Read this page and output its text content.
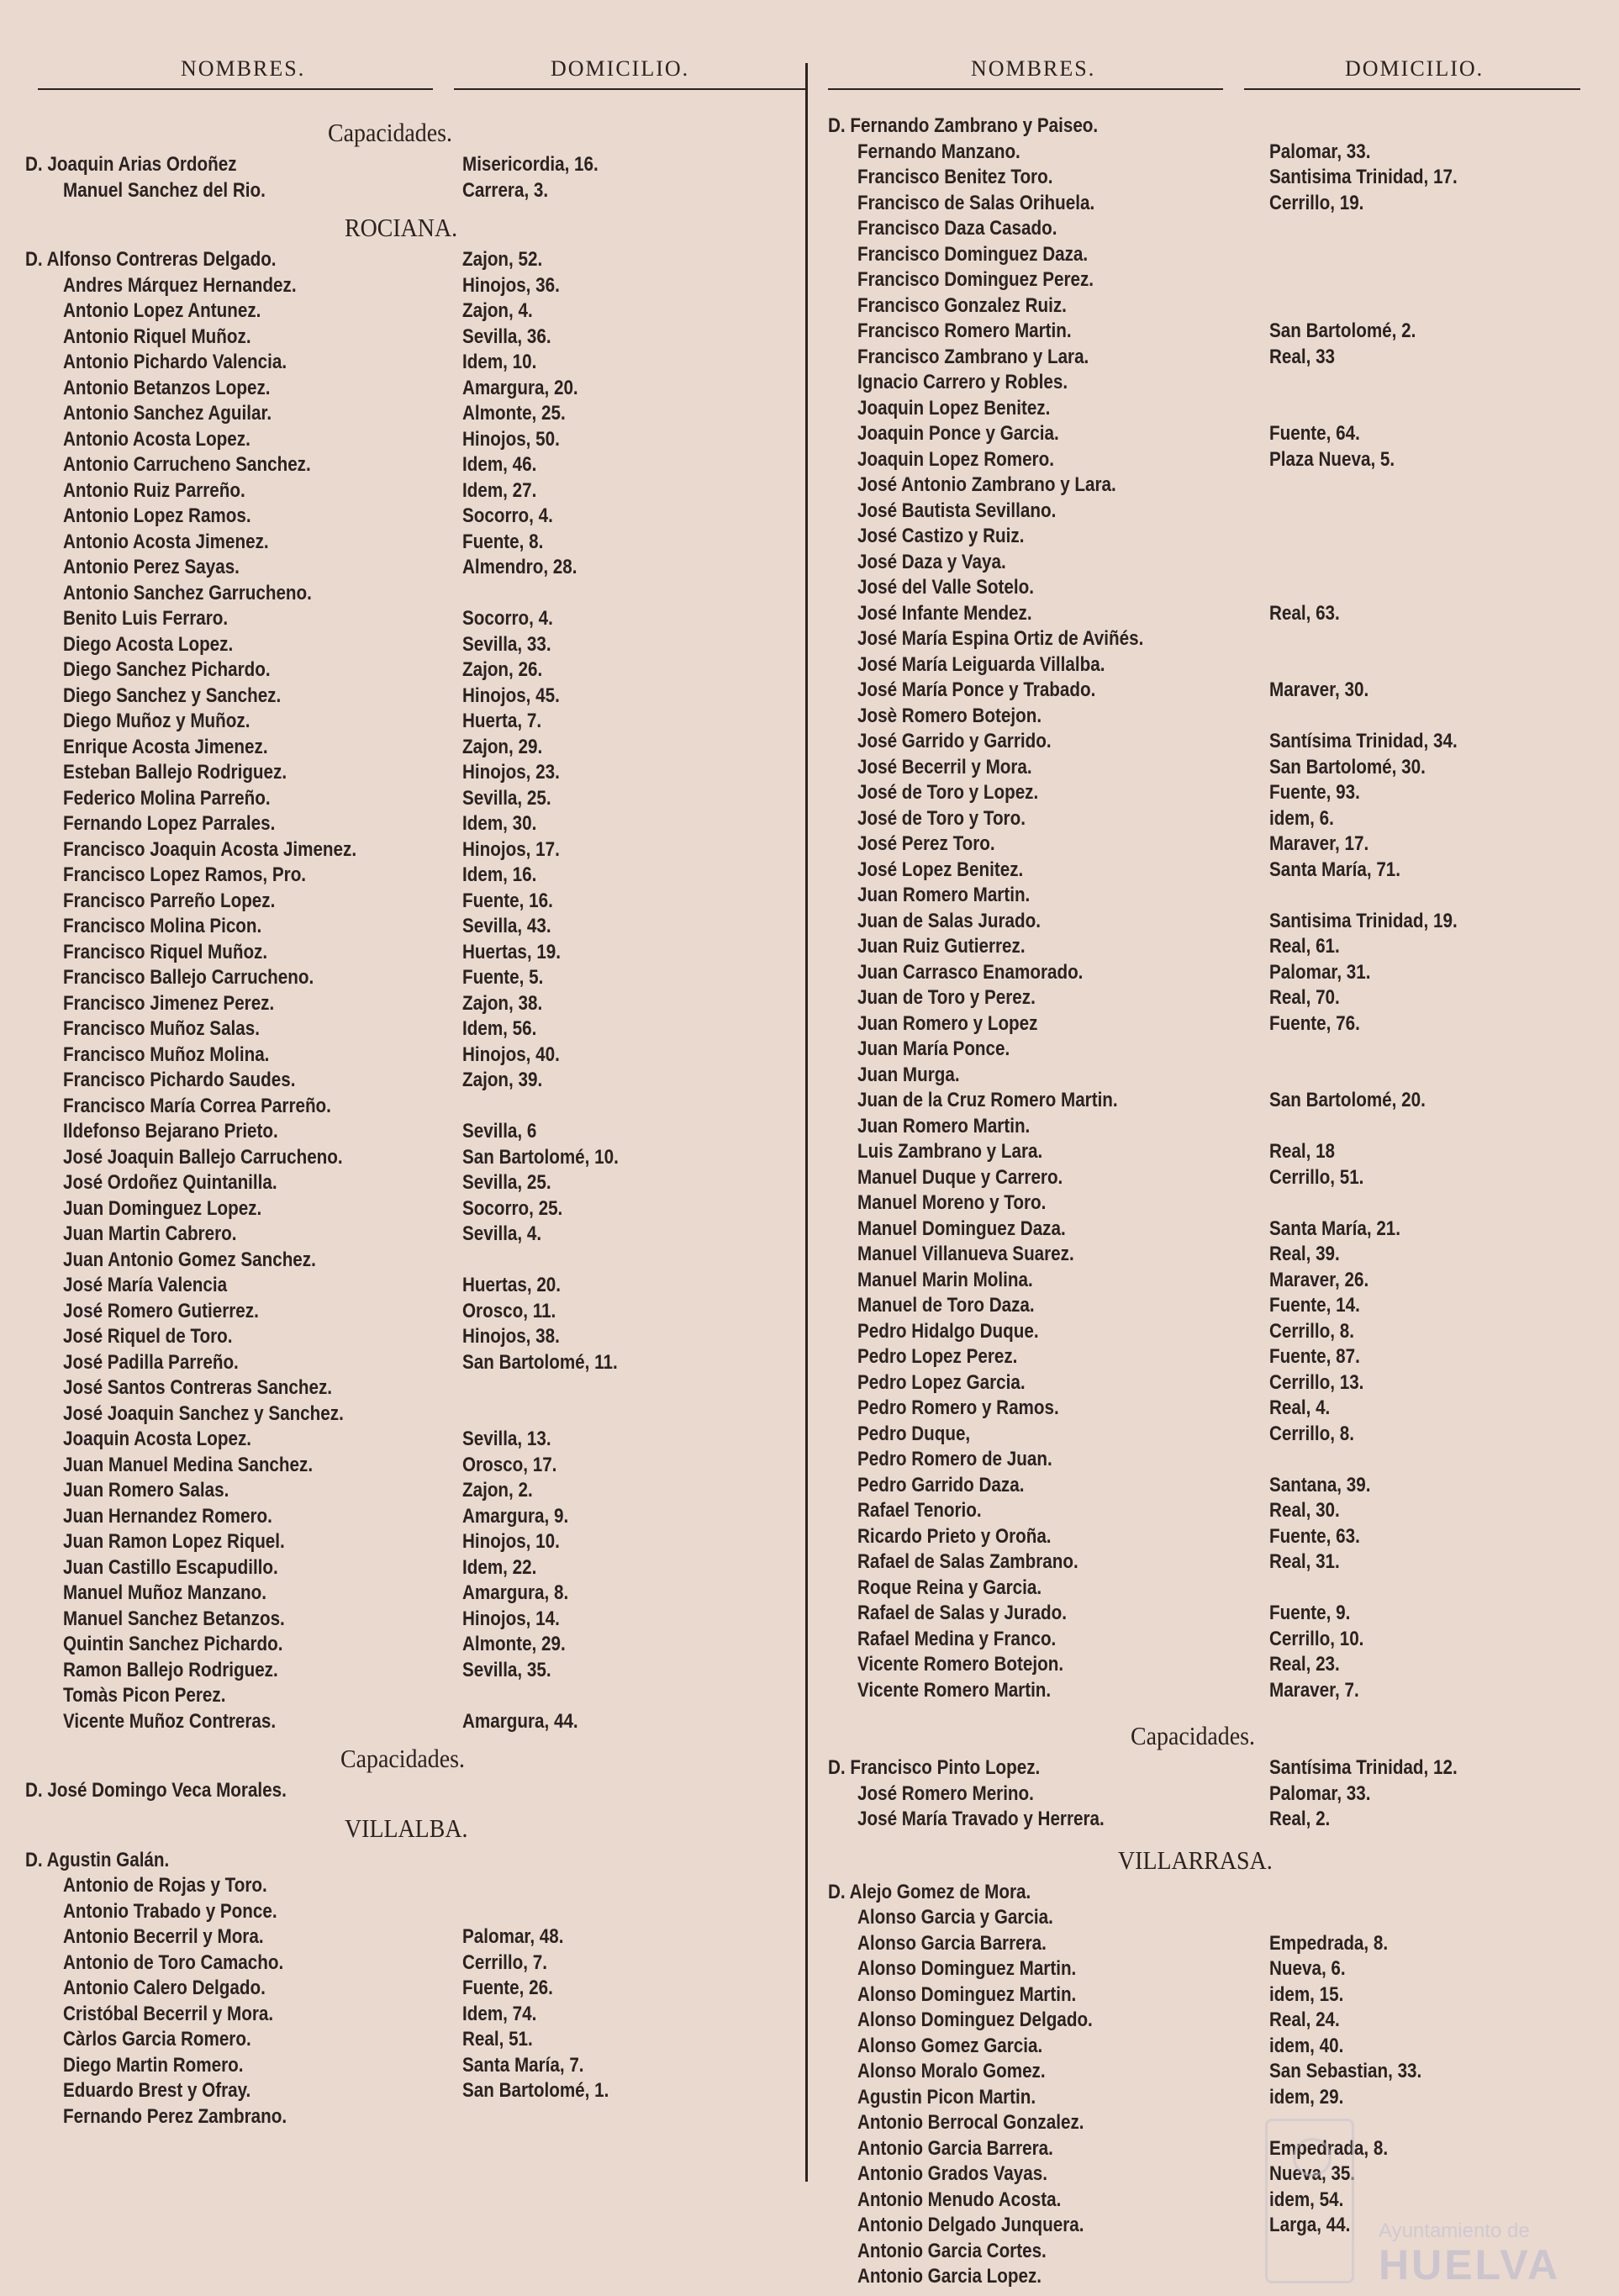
NOMBRES.	DOMICILIO.
Capacidades.
D. Joaquin Arias Ordoñez	Misericordia, 16.
Manuel Sanchez del Rio.	Carrera, 3.
ROCIANA.
D. Alfonso Contreras Delgado.	Zajon, 52.
Andres Márquez Hernandez.	Hinojos, 36.
Antonio Lopez Antunez.	Zajon, 4.
Antonio Riquel Muñoz.	Sevilla, 36.
Antonio Pichardo Valencia.	Idem, 10.
Antonio Betanzos Lopez.	Amargura, 20.
Antonio Sanchez Aguilar.	Almonte, 25.
Antonio Acosta Lopez.	Hinojos, 50.
Antonio Carrucheno Sanchez.	Idem, 46.
Antonio Ruiz Parreño.	Idem, 27.
Antonio Lopez Ramos.	Socorro, 4.
Antonio Acosta Jimenez.	Fuente, 8.
Antonio Perez Sayas.	Almendro, 28.
Antonio Sanchez Garrucheno.
Benito Luis Ferraro.	Socorro, 4.
Diego Acosta Lopez.	Sevilla, 33.
Diego Sanchez Pichardo.	Zajon, 26.
Diego Sanchez y Sanchez.	Hinojos, 45.
Diego Muñoz y Muñoz.	Huerta, 7.
Enrique Acosta Jimenez.	Zajon, 29.
Esteban Ballejo Rodriguez.	Hinojos, 23.
Federico Molina Parreño.	Sevilla, 25.
Fernando Lopez Parrales.	Idem, 30.
Francisco Joaquin Acosta Jimenez.	Hinojos, 17.
Francisco Lopez Ramos, Pro.	Idem, 16.
Francisco Parreño Lopez.	Fuente, 16.
Francisco Molina Picon.	Sevilla, 43.
Francisco Riquel Muñoz.	Huertas, 19.
Francisco Ballejo Carrucheno.	Fuente, 5.
Francisco Jimenez Perez.	Zajon, 38.
Francisco Muñoz Salas.	Idem, 56.
Francisco Muñoz Molina.	Hinojos, 40.
Francisco Pichardo Saudes.	Zajon, 39.
Francisco María Correa Parreño.
Ildefonso Bejarano Prieto.	Sevilla, 6
José Joaquin Ballejo Carrucheno.	San Bartolomé, 10.
José Ordoñez Quintanilla.	Sevilla, 25.
Juan Dominguez Lopez.	Socorro, 25.
Juan Martin Cabrero.	Sevilla, 4.
Juan Antonio Gomez Sanchez.
José María Valencia	Huertas, 20.
José Romero Gutierrez.	Orosco, 11.
José Riquel de Toro.	Hinojos, 38.
José Padilla Parreño.	San Bartolomé, 11.
José Santos Contreras Sanchez.
José Joaquin Sanchez y Sanchez.
Joaquin Acosta Lopez.	Sevilla, 13.
Juan Manuel Medina Sanchez.	Orosco, 17.
Juan Romero Salas.	Zajon, 2.
Juan Hernandez Romero.	Amargura, 9.
Juan Ramon Lopez Riquel.	Hinojos, 10.
Juan Castillo Escapudillo.	Idem, 22.
Manuel Muñoz Manzano.	Amargura, 8.
Manuel Sanchez Betanzos.	Hinojos, 14.
Quintin Sanchez Pichardo.	Almonte, 29.
Ramon Ballejo Rodriguez.	Sevilla, 35.
Tomàs Picon Perez.
Vicente Muñoz Contreras.	Amargura, 44.
Capacidades.
D. José Domingo Veca Morales.
VILLALBA.
D. Agustin Galán.
Antonio de Rojas y Toro.
Antonio Trabado y Ponce.
Antonio Becerril y Mora.	Palomar, 48.
Antonio de Toro Camacho.	Cerrillo, 7.
Antonio Calero Delgado.	Fuente, 26.
Cristóbal Becerril y Mora.	Idem, 74.
Càrlos Garcia Romero.	Real, 51.
Diego Martin Romero.	Santa María, 7.
Eduardo Brest y Ofray.	San Bartolomé, 1.
Fernando Perez Zambrano.
NOMBRES.	DOMICILIO.
D. Fernando Zambrano y Paiseo.
Fernando Manzano.	Palomar, 33.
Francisco Benitez Toro.	Santisima Trinidad, 17.
Francisco de Salas Orihuela.	Cerrillo, 19.
Francisco Daza Casado.
Francisco Dominguez Daza.
Francisco Dominguez Perez.
Francisco Gonzalez Ruiz.
Francisco Romero Martin.	San Bartolomé, 2.
Francisco Zambrano y Lara.	Real, 33
Ignacio Carrero y Robles.
Joaquin Lopez Benitez.
Joaquin Ponce y Garcia.	Fuente, 64.
Joaquin Lopez Romero.	Plaza Nueva, 5.
José Antonio Zambrano y Lara.
José Bautista Sevillano.
José Castizo y Ruiz.
José Daza y Vaya.
José del Valle Sotelo.
José Infante Mendez.	Real, 63.
José María Espina Ortiz de Aviñés.
José María Leiguarda Villalba.
José María Ponce y Trabado.	Maraver, 30.
Josè Romero Botejon.
José Garrido y Garrido.	Santísima Trinidad, 34.
José Becerril y Mora.	San Bartolomé, 30.
José de Toro y Lopez.	Fuente, 93.
José de Toro y Toro.	idem, 6.
José Perez Toro.	Maraver, 17.
José Lopez Benitez.	Santa María, 71.
Juan Romero Martin.
Juan de Salas Jurado.	Santisima Trinidad, 19.
Juan Ruiz Gutierrez.	Real, 61.
Juan Carrasco Enamorado.	Palomar, 31.
Juan de Toro y Perez.	Real, 70.
Juan Romero y Lopez	Fuente, 76.
Juan María Ponce.
Juan Murga.
Juan de la Cruz Romero Martin.	San Bartolomé, 20.
Juan Romero Martin.
Luis Zambrano y Lara.	Real, 18
Manuel Duque y Carrero.	Cerrillo, 51.
Manuel Moreno y Toro.
Manuel Dominguez Daza.	Santa María, 21.
Manuel Villanueva Suarez.	Real, 39.
Manuel Marin Molina.	Maraver, 26.
Manuel de Toro Daza.	Fuente, 14.
Pedro Hidalgo Duque.	Cerrillo, 8.
Pedro Lopez Perez.	Fuente, 87.
Pedro Lopez Garcia.	Cerrillo, 13.
Pedro Romero y Ramos.	Real, 4.
Pedro Duque,	Cerrillo, 8.
Pedro Romero de Juan.
Pedro Garrido Daza.	Santana, 39.
Rafael Tenorio.	Real, 30.
Ricardo Prieto y Oroña.	Fuente, 63.
Rafael de Salas Zambrano.	Real, 31.
Roque Reina y Garcia.
Rafael de Salas y Jurado.	Fuente, 9.
Rafael Medina y Franco.	Cerrillo, 10.
Vicente Romero Botejon.	Real, 23.
Vicente Romero Martin.	Maraver, 7.
Capacidades.
D. Francisco Pinto Lopez.	Santísima Trinidad, 12.
José Romero Merino.	Palomar, 33.
José María Travado y Herrera.	Real, 2.
VILLARRASA.
D. Alejo Gomez de Mora.
Alonso Garcia y Garcia.
Alonso Garcia Barrera.	Empedrada, 8.
Alonso Dominguez Martin.	Nueva, 6.
Alonso Dominguez Martin.	idem, 15.
Alonso Dominguez Delgado.	Real, 24.
Alonso Gomez Garcia.	idem, 40.
Alonso Moralo Gomez.	San Sebastian, 33.
Agustin Picon Martin.	idem, 29.
Antonio Berrocal Gonzalez.
Antonio Garcia Barrera.	Empedrada, 8.
Antonio Grados Vayas.	Nueva, 35.
Antonio Menudo Acosta.	idem, 54.
Antonio Delgado Junquera.	Larga, 44.
Antonio Garcia Cortes.
Antonio Garcia Lopez.
Ayuntamiento de
HUELVA
